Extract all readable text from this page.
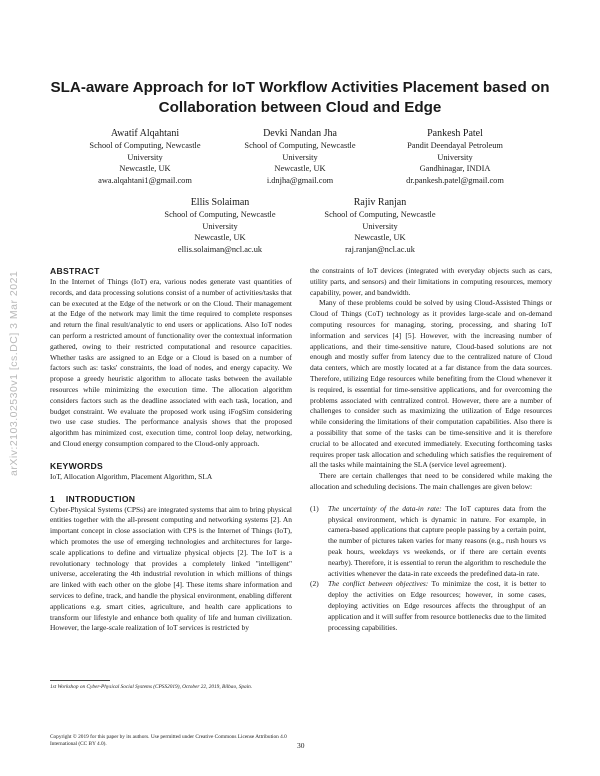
arXiv:2103.02530v1 [cs.DC] 3 Mar 2021
SLA-aware Approach for IoT Workflow Activities Placement based on Collaboration between Cloud and Edge
Awatif Alqahtani
School of Computing, Newcastle
University
Newcastle, UK
awa.alqahtani1@gmail.com
Devki Nandan Jha
School of Computing, Newcastle
University
Newcastle, UK
i.dnjha@gmail.com
Pankesh Patel
Pandit Deendayal Petroleum
University
Gandhinagar, INDIA
dr.pankesh.patel@gmail.com
Ellis Solaiman
School of Computing, Newcastle
University
Newcastle, UK
ellis.solaiman@ncl.ac.uk
Rajiv Ranjan
School of Computing, Newcastle
University
Newcastle, UK
raj.ranjan@ncl.ac.uk
ABSTRACT

In the Internet of Things (IoT) era, various nodes generate vast quantities of records, and data processing solutions consist of a number of activities/tasks that can be executed at the Edge of the network or on the Cloud. Their management at the Edge of the network may limit the time required to complete responses and return the final result/analytic to end users or applications. Also IoT nodes can perform a restricted amount of functionality over the contextual information gathered, owing to their restricted computational and resource capacities. Whether tasks are assigned to an Edge or a Cloud is based on a number of factors such as: tasks' constraints, the load of nodes, and energy capacity. We propose a greedy heuristic algorithm to allocate tasks between the available resources while minimizing the execution time. The allocation algorithm considers factors such as the deadline associated with each task, location, and budget constraint. We evaluate the proposed work using iFogSim considering two use case studies. The performance analysis shows that the proposed algorithm has minimized cost, execution time, control loop delay, networking, and Cloud energy consumption compared to the Cloud-only approach.

KEYWORDS

IoT, Allocation Algorithm, Placement Algorithm, SLA

1    INTRODUCTION

Cyber-Physical Systems (CPSs) are integrated systems that aim to bring physical entities together with the all-present computing and networking systems [2]. An important concept in close association with CPS is the Internet of Things (IoT), which promotes the use of emerging technologies and architectures for large-scale applications to define and virtualize physical objects [2]. The IoT is a revolutionary technology that provides a completely linked "intelligent" universe, accelerating the 4th industrial revolution in which millions of things are linked with each other on the globe [4]. These items share information and services to define, track, and handle the physical environment, enabling different applications e.g. smart cities, agriculture, and health care applications to transform our lifestyle and enhance both quality of life and human civilization. However, the large-scale realization of IoT services is restricted by

the constraints of IoT devices (integrated with everyday objects such as cars, utility parts, and sensors) and their limitations in computing resources, memory capability, power, and bandwidth.

Many of these problems could be solved by using Cloud-Assisted Things or Cloud of Things (CoT) technology as it provides large-scale and on-demand computing resources for managing, storing, processing, and sharing IoT information and services [4] [5]. However, with the increasing number of applications, and their time-sensitive nature, Cloud-based solutions are not enough and mostly suffer from latency due to the centralized nature of Cloud data centers, which are mostly located at a far distance from the data sources. Therefore, utilizing Edge resources while benefiting from the Cloud whenever it is required, is essential for time-sensitive applications, and for overcoming the problems associated with centralized control. However, there are a number of challenges to consider such as maximizing the utilization of Edge resources while considering the limitations of their computation capabilities. Also there is a possibility that some of the tasks can be time-sensitive and it is therefore crucial to be allocated and executed immediately. Executing forthcoming tasks requires proper task allocation and scheduling which satisfies the requirement of all the tasks while maintaining the SLA (service level agreement).

There are certain challenges that need to be considered while making the allocation and scheduling decisions. The main challenges are given below:

(1) The uncertainty of the data-in rate: The IoT captures data from the physical environment, which is dynamic in nature. For example, in camera-based applications that capture people passing by a certain point, the number of pictures taken varies for many reasons (e.g., rush hours vs peak hours, weekdays vs weekends, or if there are certain events nearby). Therefore, it is essential to rerun the algorithm to reschedule the activities whenever the data-in rate exceeds the predefined data-in rate.
(2) The conflict between objectives: To minimize the cost, it is better to deploy the activities on Edge resources; however, in some cases, deploying activities on Edge resources affects the throughput of an application and it will suffer from resource bottlenecks due to the limited processing capabilities.
1st Workshop on Cyber-Physical Social Systems (CPSS2019), October 22, 2019, Bilbao, Spain.
Copyright © 2019 for this paper by its authors. Use permitted under Creative Commons License Attribution 4.0 International (CC BY 4.0).	30
